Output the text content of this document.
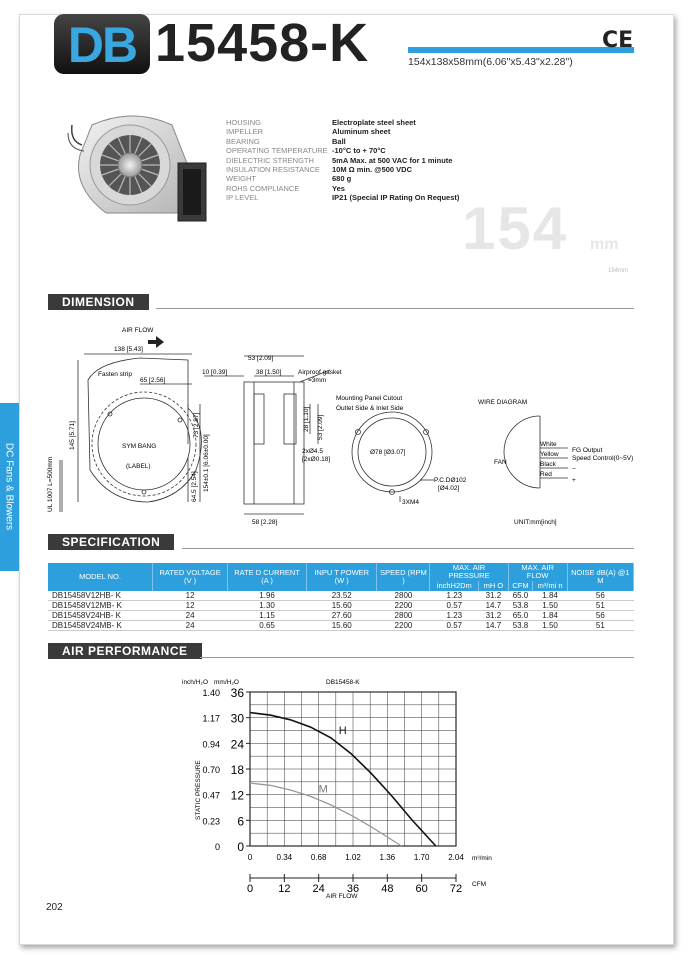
DB 15458-K	154x138x58mm(6.06"x5.43"x2.28")
CE
HOUSING	Electroplate steel sheet
IMPELLER	Aluminum sheet
BEARING	Ball
OPERATING TEMPERATURE -10°C to + 70°C
DIELECTRIC STRENGTH	5mA Max. at 500 VAC for 1 minute
INSULATION RESISTANCE	10M Ω min. @500 VDC
WEIGHT	680 g
ROHS COMPLIANCE	Yes
IP LEVEL	IP21 (Special IP Rating On Request) 154 mm
154mm
DC Fans & Blowers
DIMENSION
AIR FLOW
138 [5.43]
Fasten strip
65 [2.56]
145 [5.71]	73 [2.87]
154±0.1 [6.06±0.00]
64.5 [2.54]
SYM BANG
(LABEL)
UL 1007 L=500mm
10 [0.39]
53 [2.09]
38 [1.50]
58 [2.28]
28 [1.10] 53 [2.09]
Airproof gasket
=3mm
2xØ4.5
[2xØ0.18]
Mounting Panel Cutout
Outlet Side & Inlet Side
Ø78 [Ø3.07]
P.C.DØ102
[Ø4.02]
3XM4
WIRE DIAGRAM
FAN
White
Yellow
Black
Red
FG Output
Speed Control(0~5V)
−
+
UNIT:mm[inch]
SPECIFICATION
MODEL NO.	RATED VOLTAGE (V )	RATE D CURRENT (A )	INPU T POWER (W )	SPEED (RPM )	MAX. AIR PRESSURE		MAX. AIR FLOW		NOISE dB(A) @1 M
					inchH2Dm	mH O	CFM	m³/mi n	
DB15458V12HB- K	12	1.96	23.52	2800	1.23	31.2	65.0	1.84	56
DB15458V12MB- K	12	1.30	15.60	2200	0.57	14.7	53.8	1.50	51
DB15458V24HB- K	24	1.15	27.60	2800	1.23	31.2	65.0	1.84	56
DB15458V24MB- K	24	0.65	15.60	2200	0.57	14.7	53.8	1.50	51
AIR PERFORMANCE
DB15458-K
inch/H₂O mm/H₂O
STATIC PRESSURE
AIR FLOW
m³/min
CFM
1.40 36
1.17 30
0.94 24
0.70 18
0.47 12
0.23 6
0 0
0
0
0.34
12
0.68
24
1.02
36
1.36
48
1.70
60
2.04
72
H
M
202
